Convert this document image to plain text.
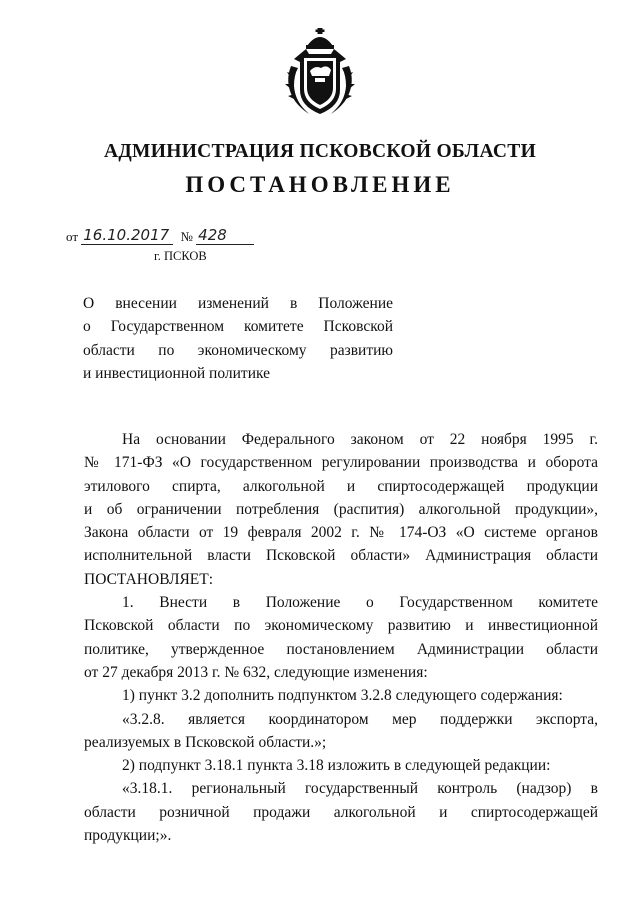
АДМИНИСТРАЦИЯ ПСКОВСКОЙ ОБЛАСТИ
ПОСТАНОВЛЕНИЕ
от 16.10.2017 № 428
г. ПСКОВ
О внесении изменений в Положение
о Государственном комитете Псковской
области по экономическому развитию
и инвестиционной политике
На основании Федерального законом от 22 ноября 1995 г.
№ 171-ФЗ «О государственном регулировании производства и оборота
этилового спирта, алкогольной и спиртосодержащей продукции
и об ограничении потребления (распития) алкогольной продукции»,
Закона области от 19 февраля 2002 г. № 174-ОЗ «О системе органов
исполнительной власти Псковской области» Администрация области
ПОСТАНОВЛЯЕТ:
1. Внести в Положение о Государственном комитете
Псковской области по экономическому развитию и инвестиционной
политике, утвержденное постановлением Администрации области
от 27 декабря 2013 г. № 632, следующие изменения:
1) пункт 3.2 дополнить подпунктом 3.2.8 следующего содержания:
«3.2.8. является координатором мер поддержки экспорта,
реализуемых в Псковской области.»;
2) подпункт 3.18.1 пункта 3.18 изложить в следующей редакции:
«3.18.1. региональный государственный контроль (надзор) в
области розничной продажи алкогольной и спиртосодержащей
продукции;».
